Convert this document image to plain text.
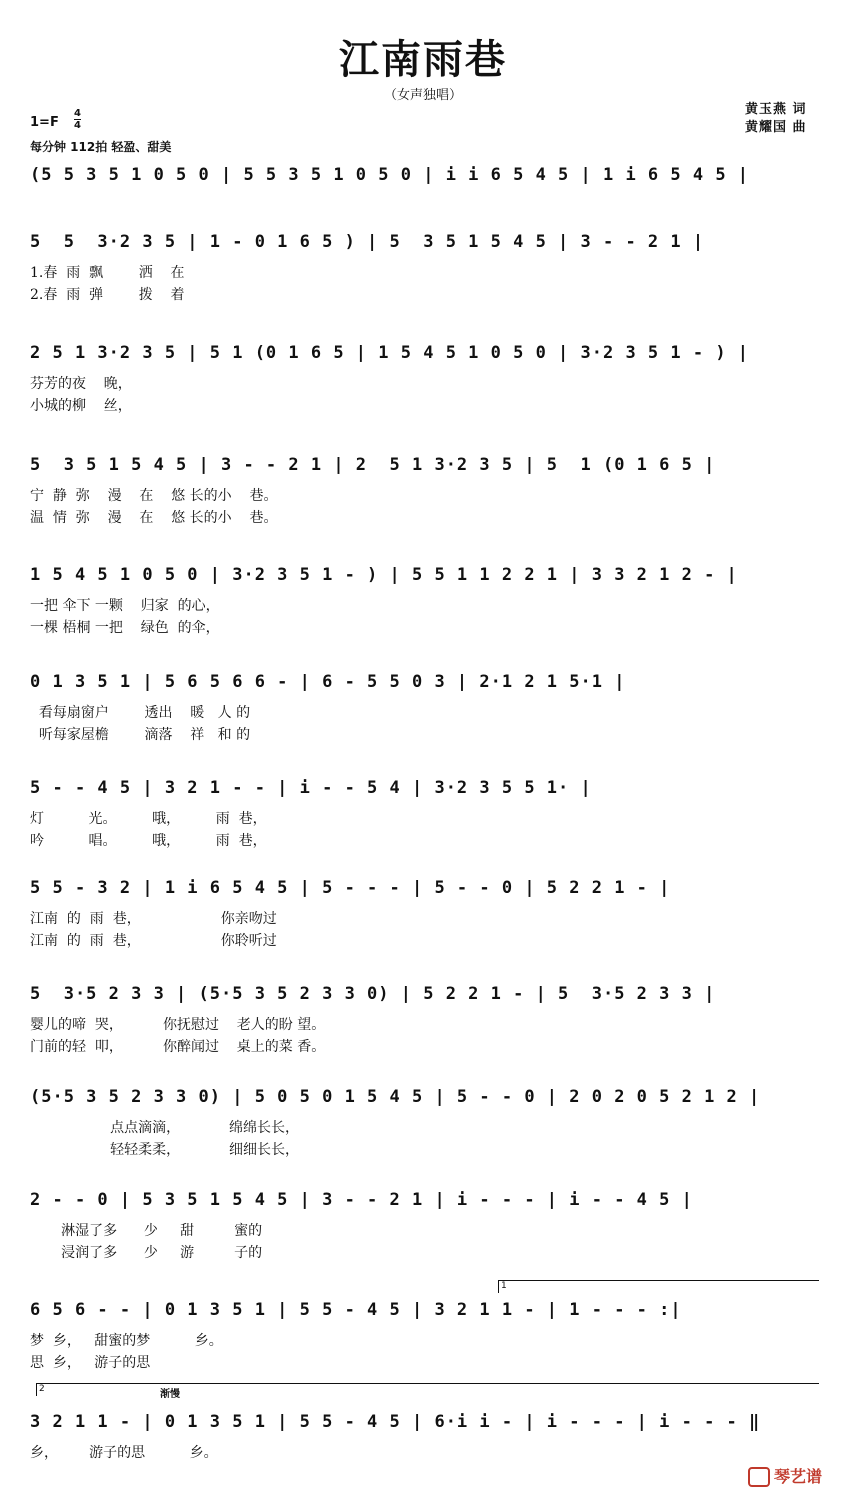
江南雨巷
（女声独唱）
1=F
4
4
每分钟 112拍 轻盈、甜美
黄玉燕 词
黄耀国 曲
(5 5 3 5 1 0 5 0 | 5 5 3 5 1 0 5 0 | i i 6 5 4 5 | 1 i 6 5 4 5 |
5  5  3·2 3 5 | 1 - 0 1 6 5 ) | 5  3 5 1 5 4 5 | 3 - - 2 1 |
1.春  雨  飘        洒    在
2.春  雨  弹        拨    着
2 5 1 3·2 3 5 | 5 1 (0 1 6 5 | 1 5 4 5 1 0 5 0 | 3·2 3 5 1 - ) |
芬芳的夜    晚，
小城的柳    丝，
5  3 5 1 5 4 5 | 3 - - 2 1 | 2  5 1 3·2 3 5 | 5  1 (0 1 6 5 |
宁  静  弥    漫    在    悠 长的小    巷。
温  情  弥    漫    在    悠 长的小    巷。
1 5 4 5 1 0 5 0 | 3·2 3 5 1 - ) | 5 5 1 1 2 2 1 | 3 3 2 1 2 - |
一把 伞下 一颗    归家  的心，
一棵 梧桐 一把    绿色  的伞，
0 1 3 5 1 | 5 6 5 6 6 - | 6 - 5 5 0 3 | 2·1 2 1 5·1 |
看每扇窗户        透出    暖   人 的
听每家屋檐        滴落    祥   和 的
5 - - 4 5 | 3 2 1 - - | i - - 5 4 | 3·2 3 5 5 1· |
灯          光。        哦，        雨  巷，
吟          唱。        哦，        雨  巷，
5 5 - 3 2 | 1 i 6 5 4 5 | 5 - - - | 5 - - 0 | 5 2 2 1 - |
江南  的  雨  巷，                  你亲吻过
江南  的  雨  巷，                  你聆听过
5  3·5 2 3 3 | (5·5 3 5 2 3 3 0) | 5 2 2 1 - | 5  3·5 2 3 3 |
婴儿的啼  哭，         你抚慰过    老人的盼 望。
门前的轻  叩，         你醉闻过    桌上的菜 香。
(5·5 3 5 2 3 3 0) | 5 0 5 0 1 5 4 5 | 5 - - 0 | 2 0 2 0 5 2 1 2 |
点点滴滴，           绵绵长长，
轻轻柔柔，           细细长长，
2 - - 0 | 5 3 5 1 5 4 5 | 3 - - 2 1 | i - - - | i - - 4 5 |
淋湿了多      少     甜         蜜的
浸润了多      少     游         子的
6 5 6 - - | 0 1 3 5 1 | 5 5 - 4 5 | 3 2 1 1 - | 1 - - - :|
梦  乡，   甜蜜的梦          乡。
思  乡，   游子的思
3 2 1 1 - | 0 1 3 5 1 | 5 5 - 4 5 | 6·i i - | i - - - | i - - - ‖
乡，       游子的思          乡。
1
2	渐慢
琴艺谱
